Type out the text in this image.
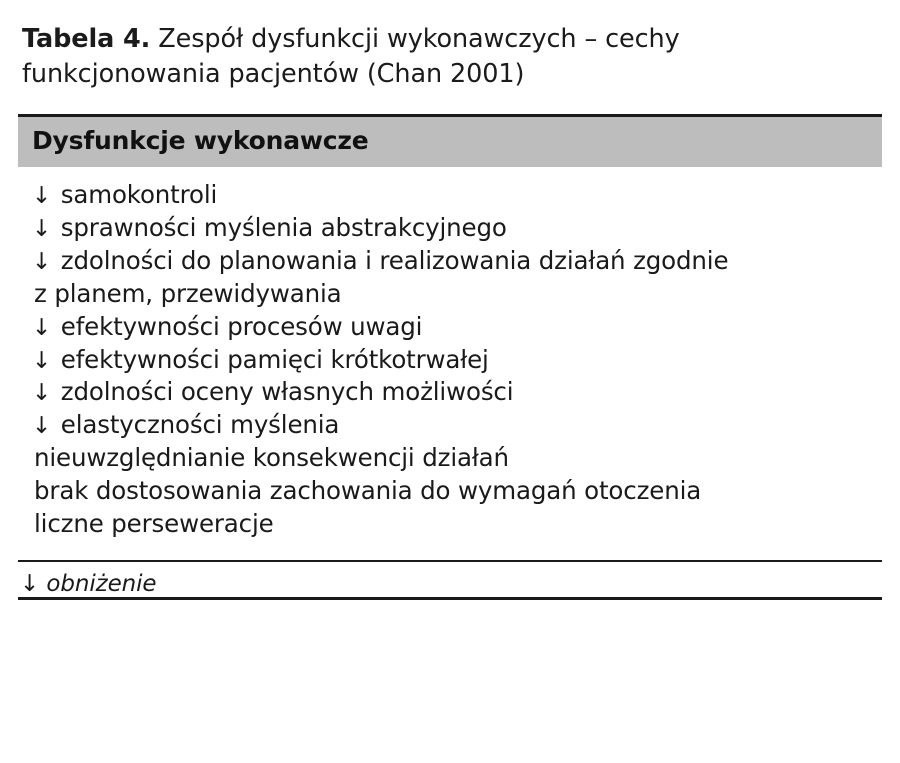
Tabela 4. Zespół dysfunkcji wykonawczych – cechy funkcjonowania pacjentów (Chan 2001)

Dysfunkcje wykonawcze
↓ samokontroli
↓ sprawności myślenia abstrakcyjnego
↓ zdolności do planowania i realizowania działań zgodnie
z planem, przewidywania
↓ efektywności procesów uwagi
↓ efektywności pamięci krótkotrwałej
↓ zdolności oceny własnych możliwości
↓ elastyczności myślenia
nieuwzględnianie konsekwencji działań
brak dostosowania zachowania do wymagań otoczenia
liczne perseweracje
↓ obniżenie
